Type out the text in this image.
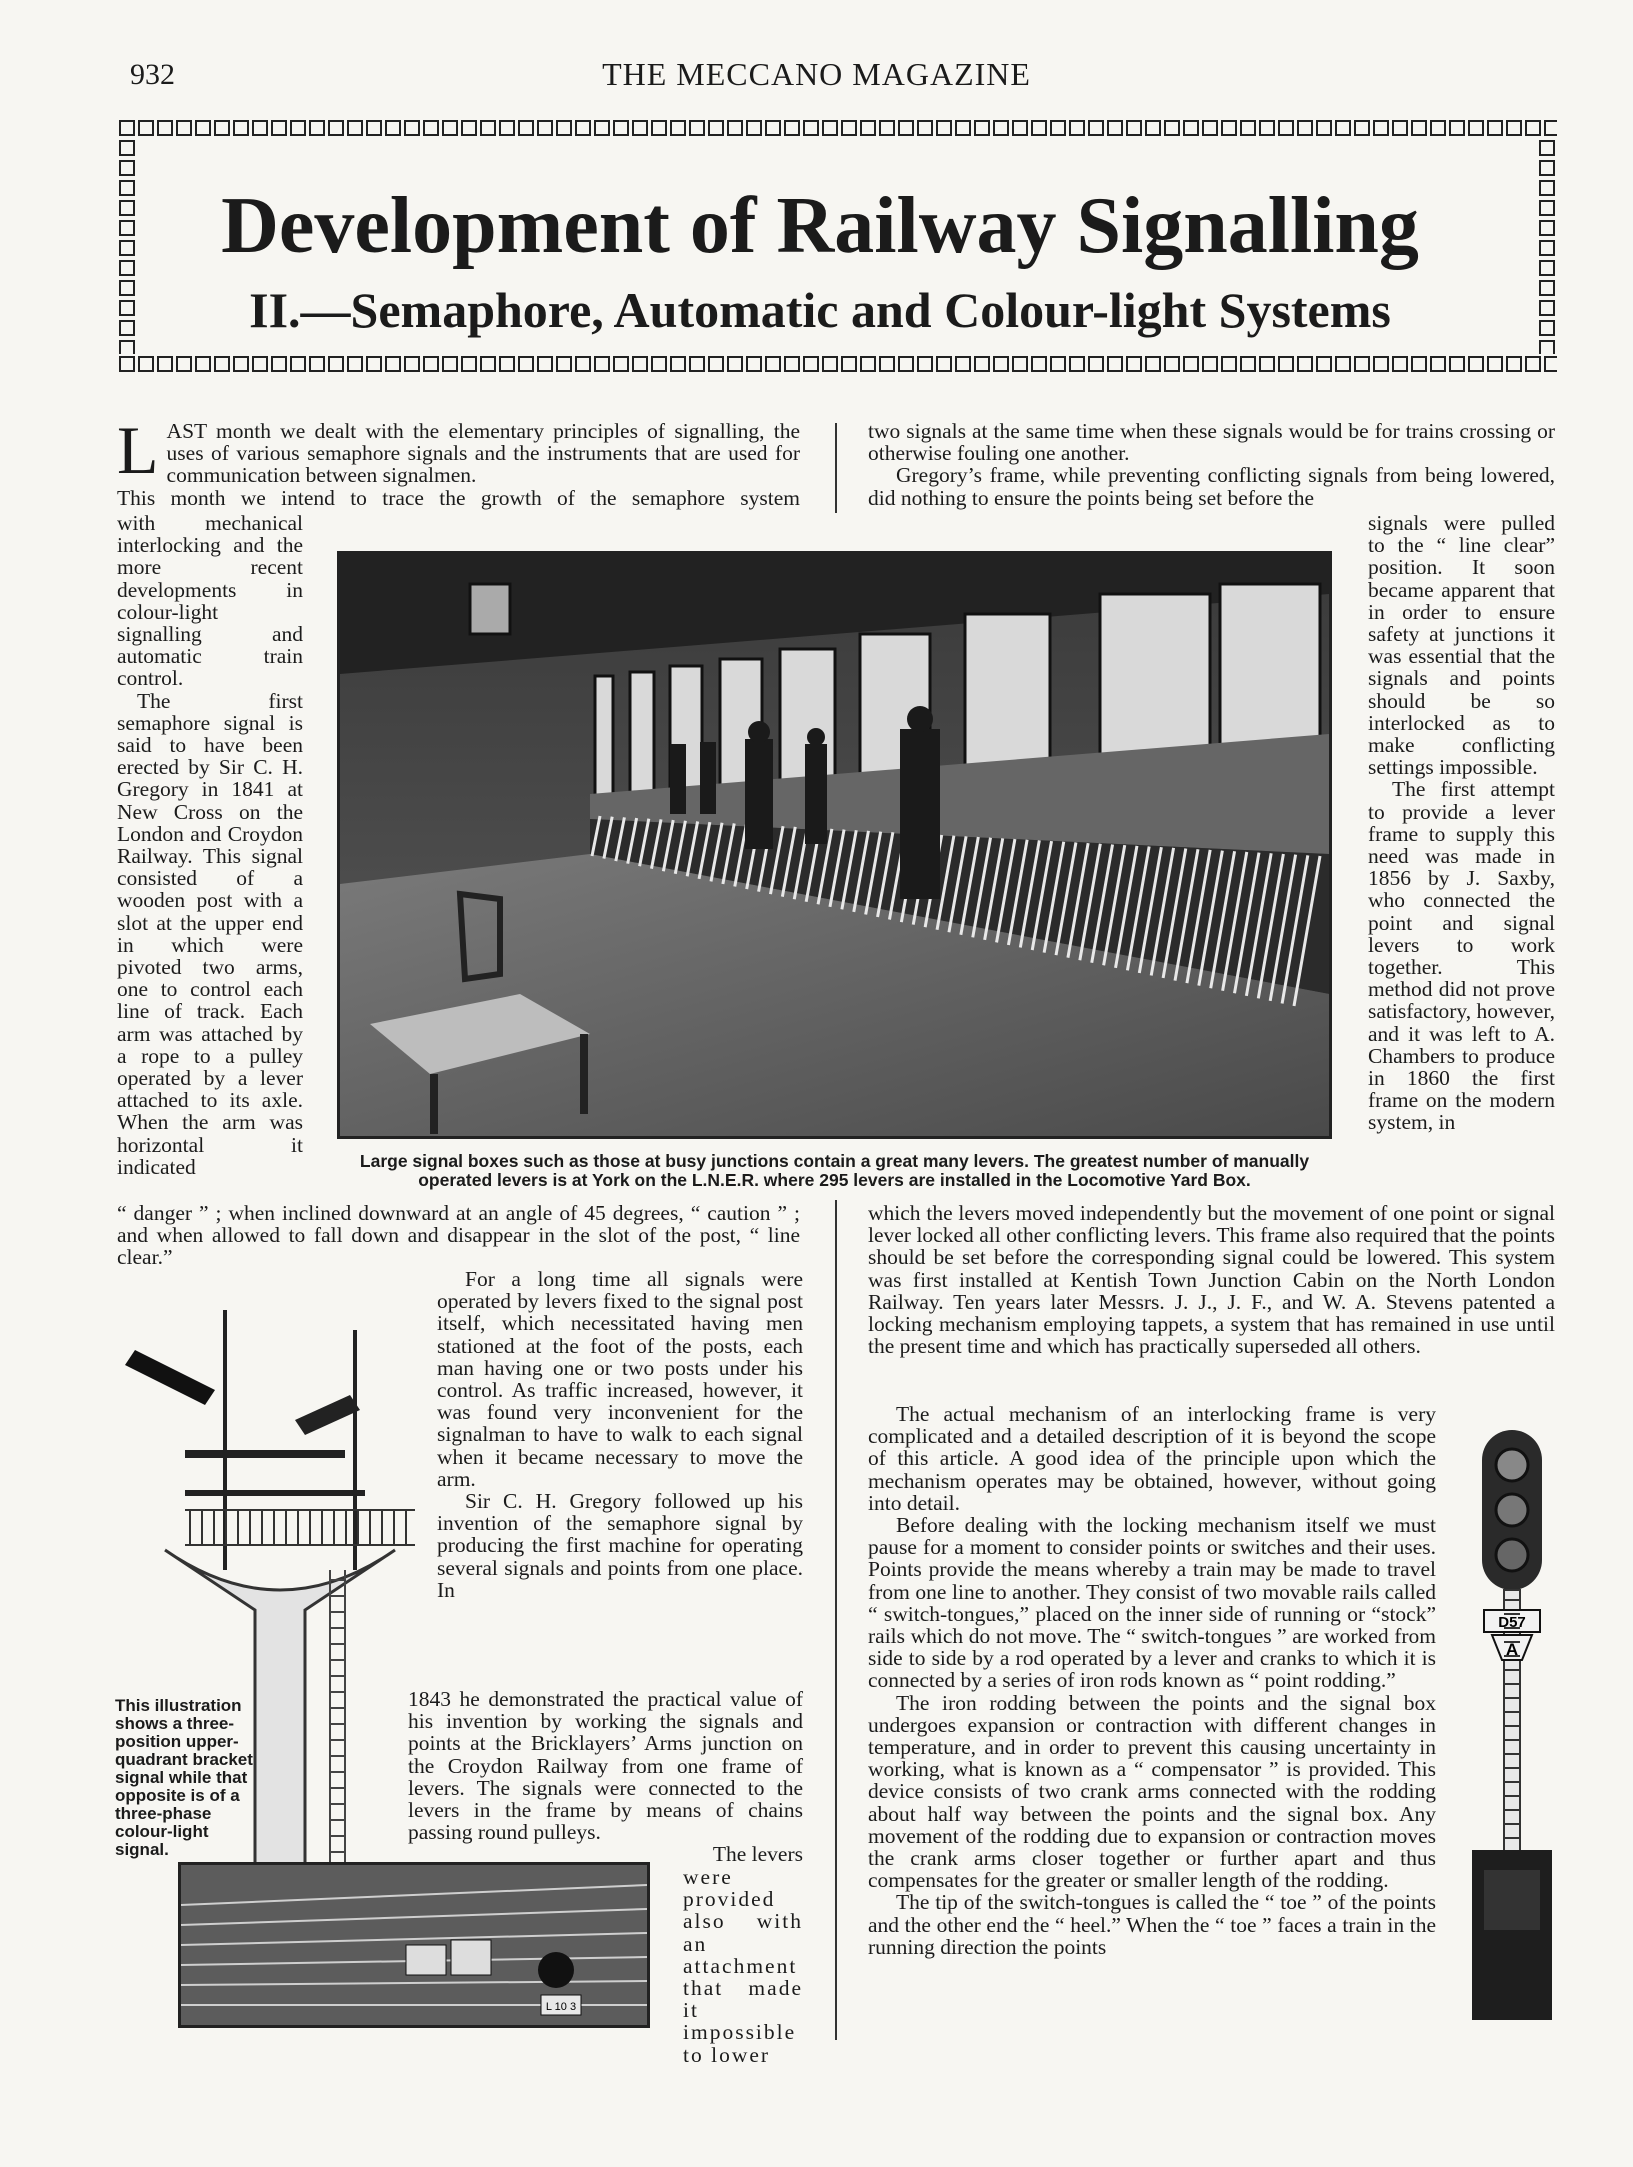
932	THE MECCANO MAGAZINE
Development of Railway Signalling
II.—Semaphore, Automatic and Colour-light Systems
LAST month we dealt with the elementary principles of signalling, the uses of various semaphore signals and the instruments that are used for communication between signalmen.
This month we intend to trace the growth of the semaphore system

with mechanical interlocking and the more recent developments in colour-light signalling and automatic train control.

The first semaphore signal is said to have been erected by Sir C. H. Gregory in 1841 at New Cross on the London and Croydon Railway. This signal consisted of a wooden post with a slot at the upper end in which were pivoted two arms, one to control each line of track. Each arm was attached by a rope to a pulley operated by a lever attached to its axle. When the arm was horizontal it indicated	Large signal boxes such as those at busy junctions contain a great many levers. The greatest number of manually operated levers is at York on the L.N.E.R. where 295 levers are installed in the Locomotive Yard Box.
“ danger ” ; when inclined downward at an angle of 45 degrees, “ caution ” ; and when allowed to fall down and disappear in the slot of the post, “ line clear.”

For a long time all signals were operated by levers fixed to the signal post itself, which necessitated having men stationed at the foot of the posts, each man having one or two posts under his control. As traffic increased, however, it was found very inconvenient for the signalman to have to walk to each signal when it became necessary to move the arm.

Sir C. H. Gregory followed up his invention of the semaphore signal by producing the first machine for operating several signals and points from one place. In

1843 he demonstrated the practical value of his invention by working the signals and points at the Bricklayers’ Arms junction on the Croydon Railway from one frame of levers. The signals were connected to the levers in the frame by means of chains passing round pulleys.
The levers
were provided also with an attachment that made it impossible to lower
This illustration shows a three-position upper-quadrant bracket signal while that opposite is of a three-phase colour-light signal.
L 10 3

two signals at the same time when these signals would be for trains crossing or otherwise fouling one another.

Gregory’s frame, while preventing conflicting signals from being lowered, did nothing to ensure the points being set before the

signals were pulled to the “ line clear” position. It soon became apparent that in order to ensure safety at junctions it was essential that the signals and points should be so interlocked as to make conflicting settings impossible.

The first attempt to provide a lever frame to supply this need was made in 1856 by J. Saxby, who connected the point and signal levers to work together. This method did not prove satisfactory, however, and it was left to A. Chambers to produce in 1860 the first frame on the modern system, in

which the levers moved independently but the movement of one point or signal lever locked all other conflicting levers. This frame also required that the points should be set before the corresponding signal could be lowered. This system was first installed at Kentish Town Junction Cabin on the North London Railway. Ten years later Messrs. J. J., J. F., and W. A. Stevens patented a locking mechanism employing tappets, a system that has remained in use until the present time and which has practically superseded all others.

The actual mechanism of an interlocking frame is very complicated and a detailed description of it is beyond the scope of this article. A good idea of the principle upon which the mechanism operates may be obtained, however, without going into detail.

Before dealing with the locking mechanism itself we must pause for a moment to consider points or switches and their uses. Points provide the means whereby a train may be made to travel from one line to another. They consist of two movable rails called “ switch-tongues,” placed on the inner side of running or “stock” rails which do not move. The “ switch-tongues ” are worked from side to side by a rod operated by a lever and cranks to which it is connected by a series of iron rods known as “ point rodding.”

The iron rodding between the points and the signal box undergoes expansion or contraction with different changes in temperature, and in order to prevent this causing uncertainty in working, what is known as a “ compensator ” is provided. This device consists of two crank arms connected with the rodding about half way between the points and the signal box. Any movement of the rodding due to expansion or contraction moves the crank arms closer together or further apart and thus compensates for the greater or smaller length of the rodding.

The tip of the switch-tongues is called the “ toe ” of the points and the other end the “ heel.” When the “ toe ” faces a train in the running direction the points

D57
A
